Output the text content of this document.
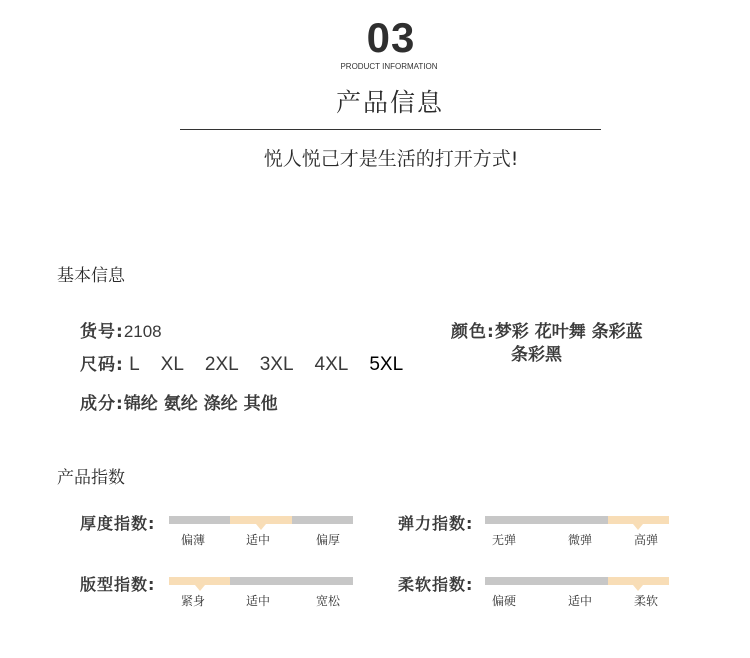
03
PRODUCT INFORMATION
产品信息
悦人悦己才是生活的打开方式!
基本信息
货号:2108
尺码: L XL 2XL 3XL 4XL 5XL
成分:锦纶 氨纶 涤纶 其他
颜色:梦彩 花叶舞 条彩蓝
条彩黑
产品指数
厚度指数:
偏薄	适中	偏厚
弹力指数:
无弹	微弹	高弹
版型指数:
紧身	适中	宽松
柔软指数:
偏硬	适中	柔软
